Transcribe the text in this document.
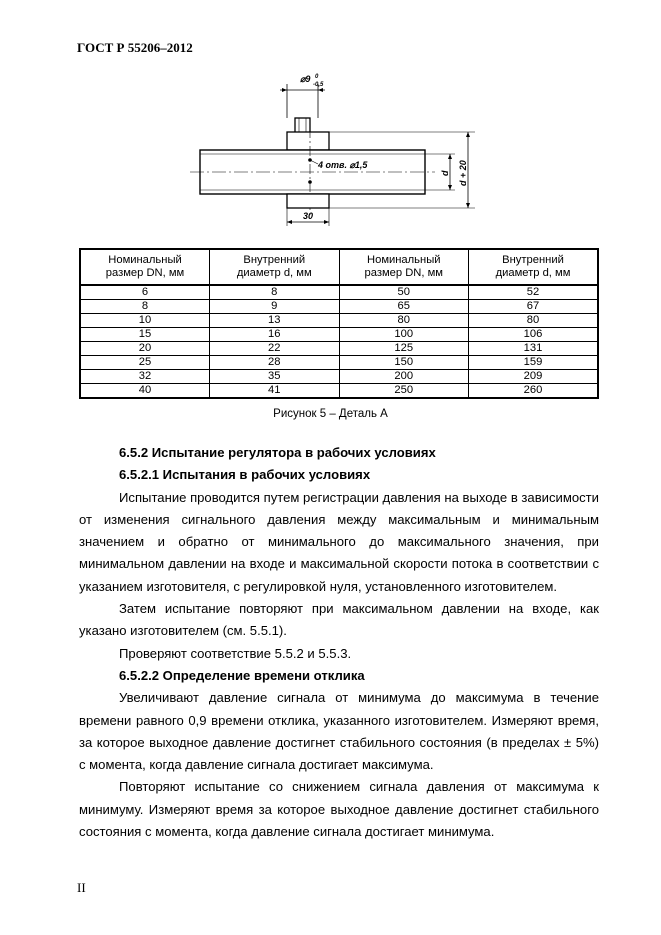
ГОСТ Р 55206–2012
⌀9 0
-0,5
4 отв. ⌀1,5
d d + 20
30
Номинальный
размер DN, мм	Внутренний
диаметр d, мм	Номинальный
размер DN, мм	Внутренний
диаметр d, мм
6	8	50	52
8	9	65	67
10	13	80	80
15	16	100	106
20	22	125	131
25	28	150	159
32	35	200	209
40	41	250	260
Рисунок 5 – Деталь А
6.5.2 Испытание регулятора в рабочих условиях
6.5.2.1 Испытания в рабочих условиях

Испытание проводится путем регистрации давления на выходе в зависимости от изменения сигнального давления между максимальным и минимальным значением и обратно от минимального до максимального значения, при минимальном давлении на входе и максимальной скорости потока в соответствии с указанием изготовителя, с регулировкой нуля, установленного изготовителем.

Затем испытание повторяют при максимальном давлении на входе, как указано изготовителем (см. 5.5.1).

Проверяют соответствие 5.5.2 и 5.5.3.

6.5.2.2 Определение времени отклика

Увеличивают давление сигнала от минимума до максимума в течение времени равного 0,9 времени отклика, указанного изготовителем. Измеряют время, за которое выходное давление достигнет стабильного состояния (в пределах ± 5%) с момента, когда давление сигнала достигает максимума.

Повторяют испытание со снижением сигнала давления от максимума к минимуму. Измеряют время за которое выходное давление достигнет стабильного состояния с момента, когда давление сигнала достигает минимума.

II
